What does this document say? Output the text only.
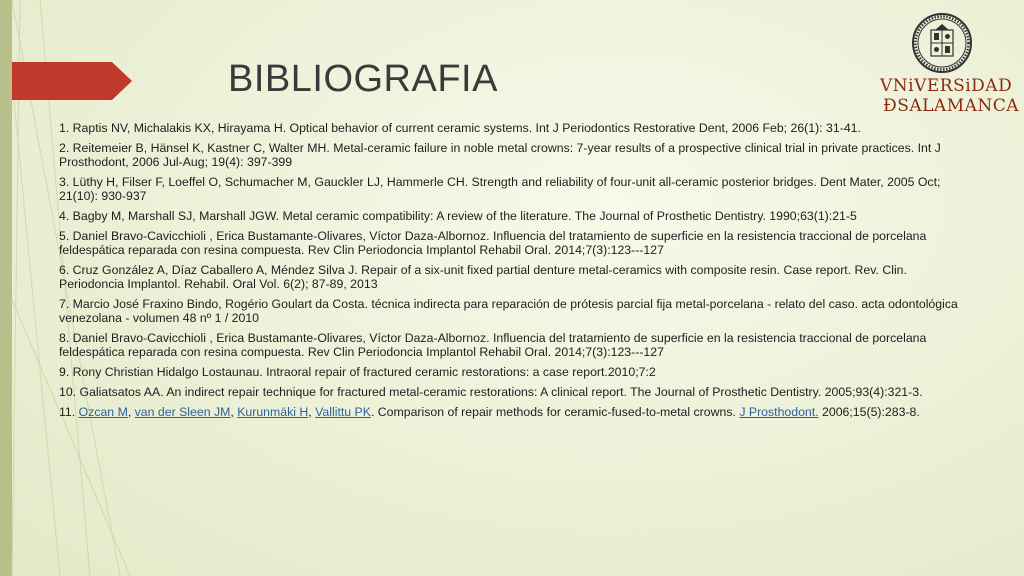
BIBLIOGRAFIA	VNiVERSiDAD
ÐSALAMANCA
1. Raptis NV, Michalakis KX, Hirayama H. Optical behavior of current ceramic systems. Int J Periodontics Restorative Dent, 2006 Feb; 26(1): 31-41.
2. Reitemeier B, Hänsel K, Kastner C, Walter MH. Metal-ceramic failure in noble metal crowns: 7-year results of a prospective clinical trial in private practices. Int J Prosthodont, 2006 Jul-Aug; 19(4): 397-399
3. Lüthy H, Filser F, Loeffel O, Schumacher M, Gauckler LJ, Hammerle CH. Strength and reliability of four-unit all-ceramic posterior bridges. Dent Mater, 2005 Oct; 21(10): 930-937
4. Bagby M, Marshall SJ, Marshall JGW. Metal ceramic compatibility: A review of the literature. The Journal of Prosthetic Dentistry. 1990;63(1):21-5
5. Daniel Bravo-Cavicchioli , Erica Bustamante-Olivares, Víctor Daza-Albornoz. Influencia del tratamiento de superficie en la resistencia traccional de porcelana feldespática reparada con resina compuesta. Rev Clin Periodoncia Implantol Rehabil Oral. 2014;7(3):123---127
6. Cruz González A, Díaz Caballero A, Méndez Silva J. Repair of a six-unit fixed partial denture metal-ceramics with composite resin. Case report. Rev. Clin. Periodoncia Implantol. Rehabil. Oral Vol. 6(2); 87-89, 2013
7. Marcio José Fraxino Bindo, Rogério Goulart da Costa. técnica indirecta para reparación de prótesis parcial fija metal-porcelana - relato del caso. acta odontológica venezolana - volumen 48 nº 1 / 2010
8. Daniel Bravo-Cavicchioli , Erica Bustamante-Olivares, Víctor Daza-Albornoz. Influencia del tratamiento de superficie en la resistencia traccional de porcelana feldespática reparada con resina compuesta. Rev Clin Periodoncia Implantol Rehabil Oral. 2014;7(3):123---127
9. Rony Christian Hidalgo Lostaunau. Intraoral repair of fractured ceramic restorations: a case report.2010;7:2
10. Galiatsatos AA. An indirect repair technique for fractured metal-ceramic restorations: A clinical report. The Journal of Prosthetic Dentistry. 2005;93(4):321-3.
11. Ozcan M, van der Sleen JM, Kurunmäki H, Vallittu PK. Comparison of repair methods for ceramic-fused-to-metal crowns. J Prosthodont. 2006;15(5):283-8.
